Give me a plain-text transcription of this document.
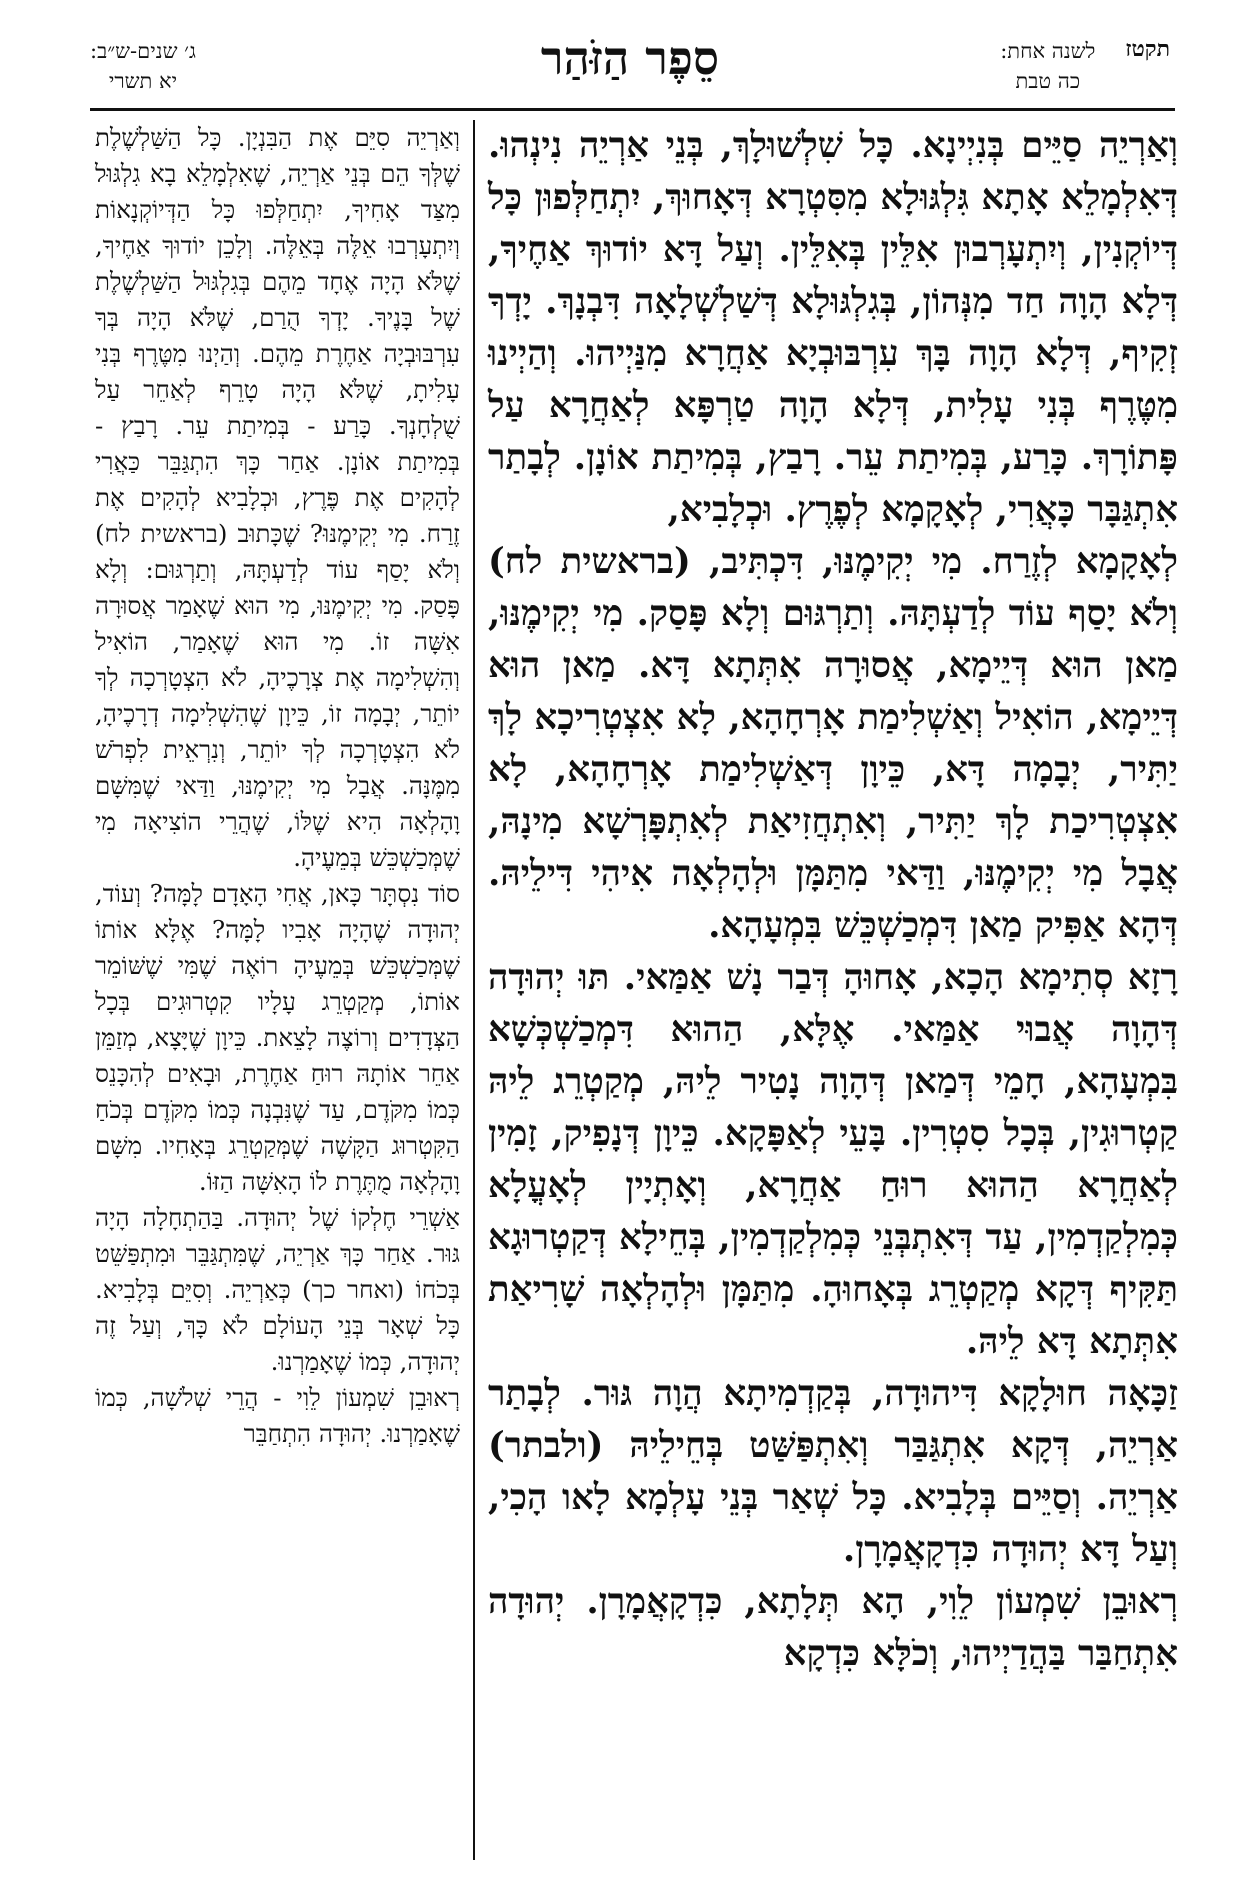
תקטז
לשנה אחת:
כה טבת
סֵפֶר הַזֹּהַר
ג׳ שנים-ש״ב:
יא תשרי

וְאַרְיֵה סַיֵּים בְּנִיְינָא. כָּל שִׁלְשׁוּלָךְ, בְּנֵי אַרְיֵה נִינְהוּ. דְּאִלְמָלֵא אָתָא גִּלְגּוּלָא מִסִּטְרָא דְּאָחוּךְ, יִתְחַלְּפוּן כָּל דְּיוֹקְנִין, וְיִתְעָרְבוּן אִלֵּין בְּאִלֵּין. וְעַל דָּא יוֹדוּךְ אַחֶיךָ, דְּלָא הָוָה חַד מִנְּהוֹן, בְּגִלְגּוּלָא דְּשַׁלְשְׁלָאָה דִּבְנָךְ. יָדְךָ זְקִיף, דְּלָא הָוָה בָּךְ עִרְבּוּבְיָא אַחֲרָא מִנַּיְיהוּ. וְהַיְינוּ מִטֶּרֶף בְּנִי עָלִית, דְּלָא הָוָה טַרְפָּא לְאַחֲרָא עַל פָּתוֹרָךְ. כָּרַע, בְּמִיתַת עֵר. רָבַץ, בְּמִיתַת אוֹנָן. לְבָתַר אִתְגַּבָּר כָּאֲרִי, לְאָקָמָא לְפֶרֶץ. וּכְלָבִיא,

לְאָקָמָא לְזֶרַח. מִי יְקִימֶנּוּ, דִּכְתִּיב, (בראשית לח) וְלֹא יָסַף עוֹד לְדַעְתָּהּ. וְתַרְגּוּם וְלָא פָּסַק. מִי יְקִימֶנּוּ, מַאן הוּא דְּיֵימָא, אֲסוּרָה אִתְּתָא דָּא. מַאן הוּא דְּיֵימָא, הוֹאִיל וְאַשְׁלִימַת אָרְחָהָא, לָא אִצְטְרִיכָא לָךְ יַתִּיר, יְבָמָה דָּא, כֵּיוָן דְּאַשְׁלִימַת אָרְחָהָא, לָא אִצְטְרִיכַת לָךְ יַתִּיר, וְאִתְחֲזִיאַת לְאִתְפָּרְשָׁא מִינָהּ, אֲבָל מִי יְקִימֶנּוּ, וַדַּאי מִתַּמָּן וּלְהָלְאָה אִיהִי דִּילֵיהּ. דְּהָא אַפִּיק מַאן דִּמְכַשְׁכֵּשׁ בִּמְעָהָא.

רָזָא סְתִימָא הָכָא, אָחוּהָ דְּבַר נָשׁ אַמַּאי. תּוּ יְהוּדָה דְּהָוָה אֲבוּי אַמַּאי. אֶלָּא, הַהוּא דִּמְכַשְׁכְּשָׁא בִּמְעָהָא, חָמֵי דְּמַאן דְּהָוָה נָטִיר לֵיהּ, מְקַטְרֵג לֵיהּ קַטְרוּגִין, בְּכָל סִטְרִין. בָּעֵי לְאַפָּקָא. כֵּיוָן דְּנָפִיק, זָמִין לְאַחֲרָא הַהוּא רוּחַ אַחֲרָא, וְאָתְיָין לְאָעֳלָא כְּמִלְקַדְמִין, עַד דְּאִתְבְּנֵי כְּמִלְקַדְמִין, בְּחֵילָא דְּקַטְרוּגָא תַּקִּיף דְּקָא מְקַטְרֵג בְּאָחוּהָ. מִתַּמָּן וּלְהָלְאָה שָׁרִיאַת אִתְּתָא דָּא לֵיהּ.

זַכָּאָה חוּלָקָא דִּיהוּדָה, בְּקַדְמִיתָא הֲוָה גּוּר. לְבָתַר אַרְיֵה, דְּקָא אִתְגַּבַּר וְאִתְפַּשַּׁט בְּחֵילֵיהּ (ולבתר) אַרְיֵה. וְסַיֵּים בְּלָבִיא. כָּל שְׁאַר בְּנֵי עָלְמָא לָאו הָכִי, וְעַל דָּא יְהוּדָה כִּדְקָאֲמָרָן.

רְאוּבֵן שִׁמְעוֹן לֵוִי, הָא תְּלָתָא, כִּדְקָאֲמָרָן. יְהוּדָה אִתְחַבַּר בַּהֲדַיְיהוּ, וְכֹלָּא כִּדְקָא

וְאַרְיֵה סִיֵּם אֶת הַבִּנְיָן. כָּל הַשַּׁלְשֶׁלֶת שֶׁלְּךָ הֵם בְּנֵי אַרְיֵה, שֶׁאִלְמָלֵא בָא גִלְגּוּל מִצַּד אָחִיךָ, יִתְחַלְּפוּ כָּל הַדְּיוֹקְנָאוֹת וְיִתְעָרְבוּ אֵלֶּה בְּאֵלֶּה. וְלָכֵן יוֹדוּךָ אַחֶיךָ, שֶׁלֹּא הָיָה אֶחָד מֵהֶם בְּגִלְגּוּל הַשַּׁלְשֶׁלֶת שֶׁל בָּנֶיךָ. יָדְךָ הֻרַם, שֶׁלֹּא הָיָה בְּךָ עִרְבּוּבְיָה אַחֶרֶת מֵהֶם. וְהַיְנוּ מִטֶּרֶף בְּנִי עָלִיתָ, שֶׁלֹּא הָיָה טָרֵף לְאַחֵר עַל שֻׁלְחָנְךָ. כָּרַע - בְּמִיתַת עֵר. רָבַץ - בְּמִיתַת אוֹנָן. אַחַר כָּךְ הִתְגַּבֵּר כַּאֲרִי לְהָקִים אֶת פֶּרֶץ, וּכְלָבִיא לְהָקִים אֶת זֶרַח. מִי יְקִימֶנּוּ? שֶׁכָּתוּב (בראשית לח) וְלֹא יָסַף עוֹד לְדַעְתָּהּ, וְתַרְגּוּם: וְלָא פָּסַק. מִי יְקִימֶנּוּ, מִי הוּא שֶׁאָמַר אֲסוּרָה אִשָּׁה זוֹ. מִי הוּא שֶׁאָמַר, הוֹאִיל וְהִשְׁלִימָה אֶת צְרָכֶיהָ, לֹא הִצְטָרְכָה לְךָ יוֹתֵר, יְבָמָה זוֹ, כֵּיוָן שֶׁהִשְׁלִימָה דְרָכֶיהָ, לֹא הִצְטָרְכָה לְךָ יוֹתֵר, וְנִרְאֵית לִפְרֹשׁ מִמֶּנָּה. אֲבָל מִי יְקִימֶנּוּ, וַדַּאי שֶׁמִּשָּׁם וָהָלְאָה הִיא שֶׁלּוֹ, שֶׁהֲרֵי הוֹצִיאָה מִי שֶׁמְּכַשְׁכֵּשׁ בְּמֵעֶיהָ.

סוֹד נִסְתָּר כָּאן, אֲחִי הָאָדָם לָמָּה? וְעוֹד, יְהוּדָה שֶׁהָיָה אָבִיו לָמָּה? אֶלָּא אוֹתוֹ שֶׁמְּכַשְׁכֵּשׁ בְּמֵעֶיהָ רוֹאֶה שֶׁמִּי שֶׁשּׁוֹמֵר אוֹתוֹ, מְקַטְרֵג עָלָיו קִטְרוּגִים בְּכָל הַצְּדָדִים וְרוֹצֶה לָצֵאת. כֵּיוָן שֶׁיָּצָא, מְזַמֵּן אַחֵר אוֹתָהּ רוּחַ אַחֶרֶת, וּבָאִים לְהִכָּנֵס כְּמוֹ מִקֹּדֶם, עַד שֶׁנִּבְנָה כְּמוֹ מִקֹּדֶם בְּכֹחַ הַקִּטְרוּג הַקָּשֶׁה שֶׁמְּקַטְרֵג בְּאָחִיו. מִשָּׁם וָהָלְאָה מֻתֶּרֶת לוֹ הָאִשָּׁה הַזּוֹ.

אַשְׁרֵי חֶלְקוֹ שֶׁל יְהוּדָה. בַּהַתְחָלָה הָיָה גּוּר. אַחַר כָּךְ אַרְיֵה, שֶׁמִּתְגַּבֵּר וּמִתְפַּשֵּׁט בְּכֹחוֹ (ואחר כך) כְּאַרְיֵה. וְסִיֵּם בְּלָבִיא. כָּל שְׁאָר בְּנֵי הָעוֹלָם לֹא כָּךְ, וְעַל זֶה יְהוּדָה, כְּמוֹ שֶׁאָמַרְנוּ.

רְאוּבֵן שִׁמְעוֹן לֵוִי - הֲרֵי שְׁלֹשָׁה, כְּמוֹ שֶׁאָמַרְנוּ. יְהוּדָה הִתְחַבֵּר
